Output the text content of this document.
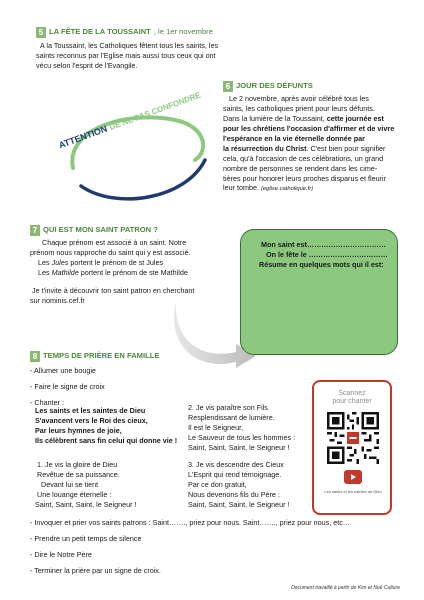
5 LA FÊTE DE LA TOUSSAINT , le 1er novembre
A la Toussaint, les Catholiques fêtent tous les saints, les
saints reconnus par l'Eglise mais aussi tous ceux qui ont
vécu selon l'esprit de l'Evangile.
ATTENTION DE NE PAS CONFONDRE
6 JOUR DES DÉFUNTS
Le 2 novembre, après avoir célébré tous les
saints, les catholiques prient pour leurs défunts.
Dans la lumière de la Toussaint, cette journée est
pour les chrétiens l'occasion d'affirmer et de vivre
l'espérance en la vie éternelle donnée par
la résurrection du Christ. C'est bien pour signifier
cela, qu'à l'occasion de ces célébrations, un grand
nombre de personnes se rendent dans les cime-
tières pour honorer leurs proches disparus et fleurir
leur tombe. (eglise.catholique.fr)
7 QUI EST MON SAINT PATRON ?
Chaque prénom est associé à un saint. Notre
prénom nous rapproche du saint qui y est associé.
Les Jules portent le prénom de st Jules
Les Mathilde portent le prénom de ste Mathilde
Je t'invite à découvrir ton saint patron en cherchant
sur nominis.cef.fr
Mon saint est……………………………
On le fête le ……………………………
Résume en quelques mots qui il est:
8 TEMPS DE PRIÈRE EN FAMILLE
- Allumer une bougie
- Faire le signe de croix
- Chanter :
Les saints et les saintes de Dieu
S'avancent vers le Roi des cieux,
Par leurs hymnes de joie,
Ils célèbrent sans fin celui qui donne vie !
1. Je vis la gloire de Dieu
Revêtue de sa puissance.
Devant lui se tient
Une louange éternelle :
Saint, Saint, Saint, le Seigneur !
2. Je vis paraître son Fils
Resplendissant de lumière.
Il est le Seigneur,
Le Sauveur de tous les hommes :
Saint, Saint, Saint, le Seigneur !
3. Je vis descendre des Cieux
L'Esprit qui rend témoignage.
Par ce don gratuit,
Nous devenons fils du Père :
Saint, Saint, Saint, le Seigneur !
Scannez
pour chanter
Les saints et les saintes de Dieu
- Invoquer et prier vos saints patrons : Saint……., priez pour nous. Saint……., priez pour nous, etc…
- Prendre un petit temps de silence
- Dire le Notre Père
- Terminer la prière par un signe de croix.
Document travaillé à partir de Kim et Noé Culture
